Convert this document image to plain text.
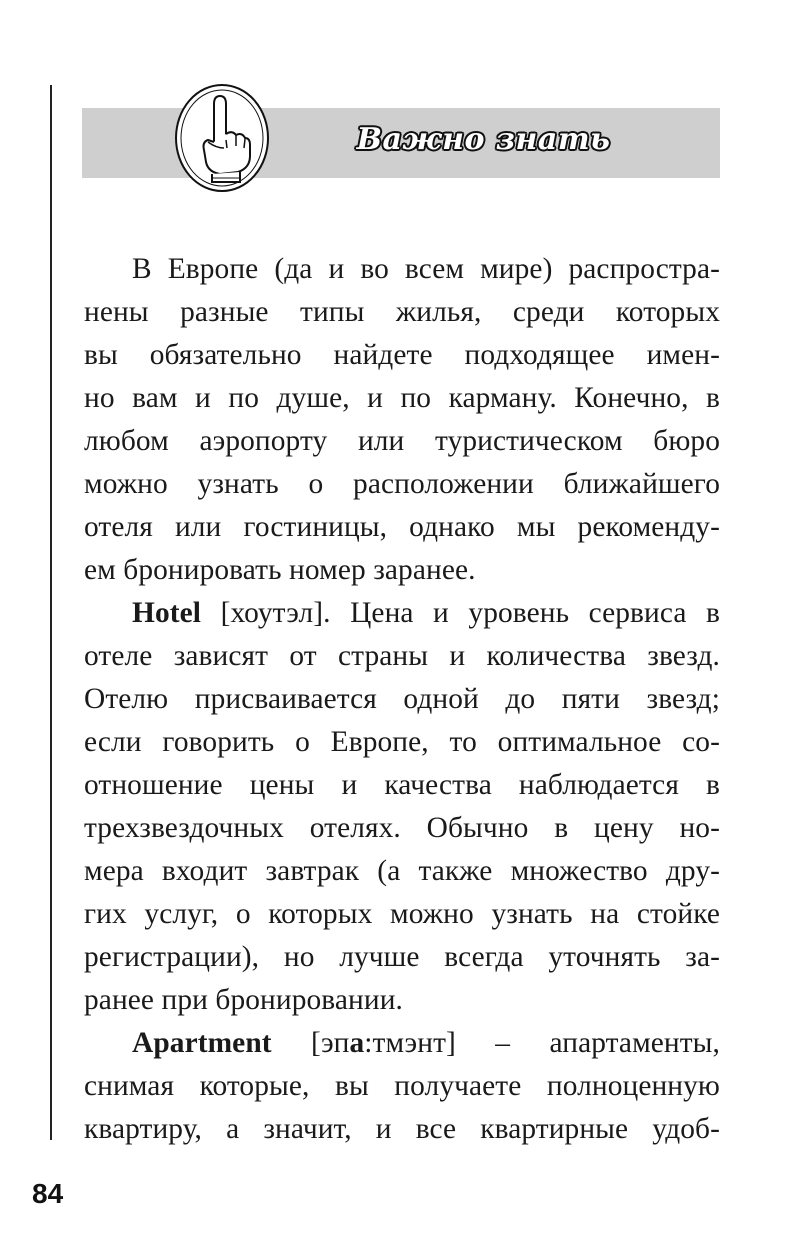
Важно знать
В Европе (да и во всем мире) распростра-
нены разные типы жилья, среди которых
вы обязательно найдете подходящее имен-
но вам и по душе, и по карману. Конечно, в
любом аэропорту или туристическом бюро
можно узнать о расположении ближайшего
отеля или гостиницы, однако мы рекоменду-
ем бронировать номер заранее.
Hotel [хоутэл]. Цена и уровень сервиса в
отеле зависят от страны и количества звезд.
Отелю присваивается одной до пяти звезд;
если говорить о Европе, то оптимальное со-
отношение цены и качества наблюдается в
трехзвездочных отелях. Обычно в цену но-
мера входит завтрак (а также множество дру-
гих услуг, о которых можно узнать на стойке
регистрации), но лучше всегда уточнять за-
ранее при бронировании.
Apartment [эпа:тмэнт] – апартаменты,
снимая которые, вы получаете полноценную
квартиру, а значит, и все квартирные удоб-
84
